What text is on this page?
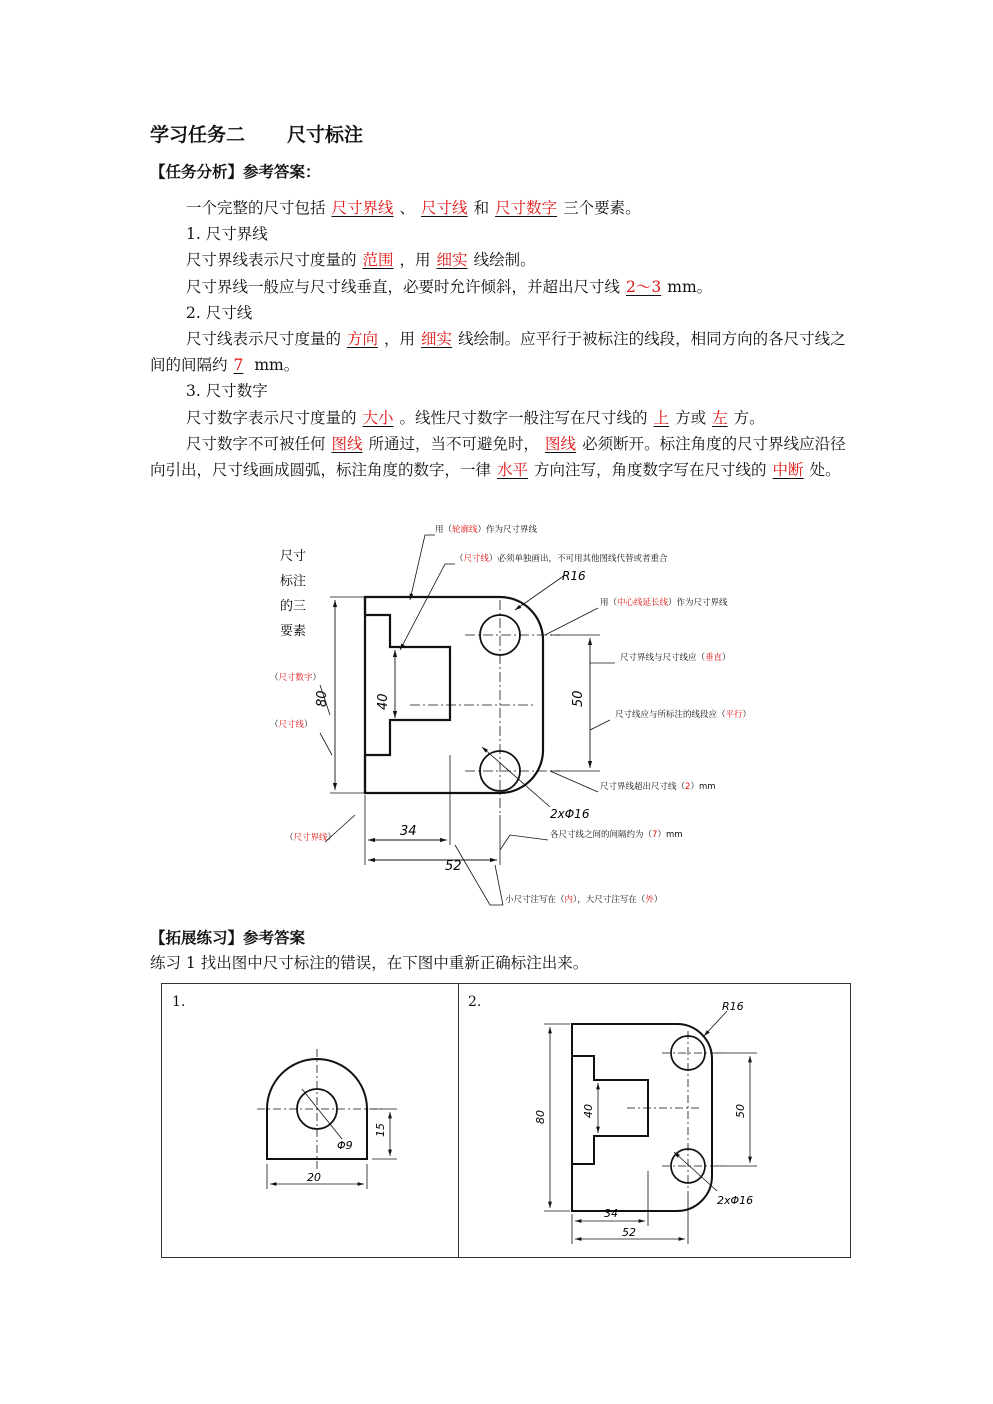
学习任务二 尺寸标注
【任务分析】参考答案：

一个完整的尺寸包括 尺寸界线 、 尺寸线 和 尺寸数字 三个要素。

1. 尺寸界线

尺寸界线表示尺寸度量的 范围 ，用 细实 线绘制。

尺寸界线一般应与尺寸线垂直，必要时允许倾斜，并超出尺寸线 2～3 mm。

2. 尺寸线

尺寸线表示尺寸度量的 方向 ，用 细实 线绘制。应平行于被标注的线段，相同方向的各尺寸线之间的间隔约 7 mm。

3. 尺寸数字

尺寸数字表示尺寸度量的 大小 。线性尺寸数字一般注写在尺寸线的 上 方或 左 方。

尺寸数字不可被任何 图线 所通过，当不可避免时， 图线 必须断开。标注角度的尺寸界线应沿径向引出，尺寸线画成圆弧，标注角度的数字，一律 水平 方向注写，角度数字写在尺寸线的 中断 处。

尺寸
标注
的三
要素
80	40	50
34
52
R16
2xΦ16
用（轮廓线）作为尺寸界线
（尺寸线）必须单独画出，不可用其他图线代替或者重合
用（中心线延长线）作为尺寸界线
尺寸界线与尺寸线应（垂直）
尺寸线应与所标注的线段应（平行）
尺寸界线超出尺寸线（2）mm
各尺寸线之间的间隔约为（7）mm
小尺寸注写在（内），大尺寸注写在（外）
（尺寸数字）
（尺寸线）
（尺寸界线）
【拓展练习】参考答案
练习 1 找出图中尺寸标注的错误，在下图中重新正确标注出来。
1.	2.
Φ9
15
20
80	40	50
34
52
R16
2xΦ16
